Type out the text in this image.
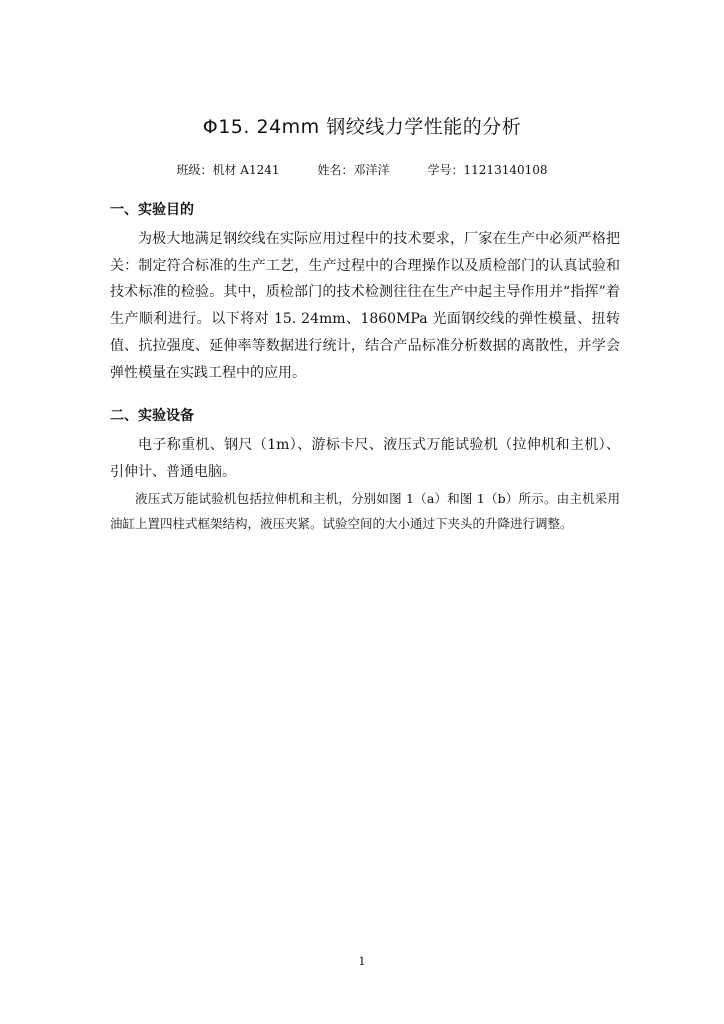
Φ15. 24mm 钢绞线力学性能的分析
班级：机材 A1241	姓名：邓洋洋	学号：11213140108
一、实验目的
为极大地满足钢绞线在实际应用过程中的技术要求，厂家在生产中必须严格把关：制定符合标准的生产工艺，生产过程中的合理操作以及质检部门的认真试验和技术标准的检验。其中，质检部门的技术检测往往在生产中起主导作用并“指挥”着生产顺利进行。以下将对 15. 24mm、1860MPa 光面钢绞线的弹性模量、扭转值、抗拉强度、延伸率等数据进行统计，结合产品标准分析数据的离散性，并学会弹性模量在实践工程中的应用。
二、实验设备
电子称重机、钢尺（1m）、游标卡尺、液压式万能试验机（拉伸机和主机）、引伸计、普通电脑。
液压式万能试验机包括拉伸机和主机，分别如图 1（a）和图 1（b）所示。由主机采用油缸上置四柱式框架结构，液压夹紧。试验空间的大小通过下夹头的升降进行调整。
1
